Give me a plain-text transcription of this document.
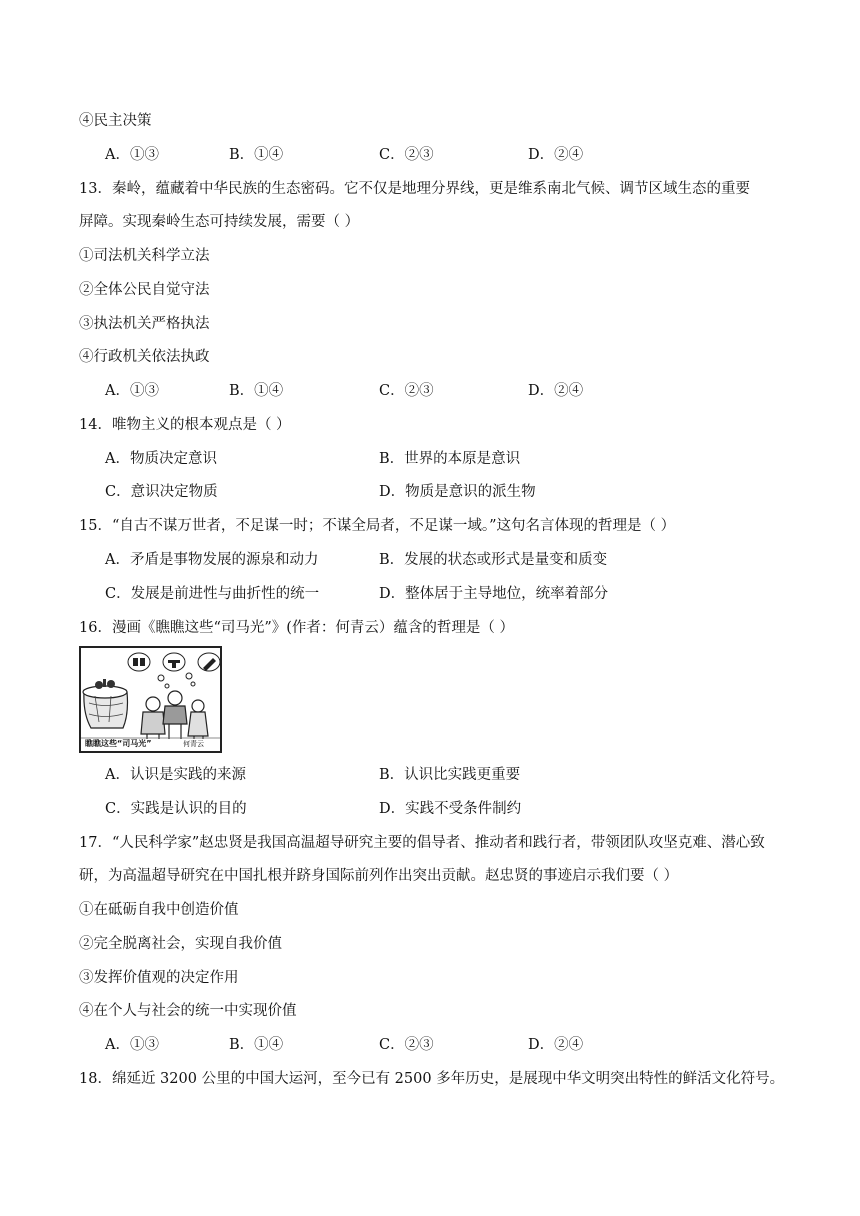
④民主决策
A．①③	B．①④	C．②③	D．②④
13．秦岭，蕴藏着中华民族的生态密码。它不仅是地理分界线，更是维系南北气候、调节区域生态的重要
屏障。实现秦岭生态可持续发展，需要（ ）
①司法机关科学立法
②全体公民自觉守法
③执法机关严格执法
④行政机关依法执政
A．①③	B．①④	C．②③	D．②④
14．唯物主义的根本观点是（ ）
A．物质决定意识	B．世界的本原是意识
C．意识决定物质	D．物质是意识的派生物
15．“自古不谋万世者，不足谋一时；不谋全局者，不足谋一域。”这句名言体现的哲理是（ ）
A．矛盾是事物发展的源泉和动力	B．发展的状态或形式是量变和质变
C．发展是前进性与曲折性的统一	D．整体居于主导地位，统率着部分
16．漫画《瞧瞧这些“司马光”》(作者：何青云）蕴含的哲理是（ ）
瞧瞧这些“司马光”	何青云
A．认识是实践的来源	B．认识比实践更重要
C．实践是认识的目的	D．实践不受条件制约
17．“人民科学家”赵忠贤是我国高温超导研究主要的倡导者、推动者和践行者，带领团队攻坚克难、潜心致
研，为高温超导研究在中国扎根并跻身国际前列作出突出贡献。赵忠贤的事迹启示我们要（ ）
①在砥砺自我中创造价值
②完全脱离社会，实现自我价值
③发挥价值观的决定作用
④在个人与社会的统一中实现价值
A．①③	B．①④	C．②③	D．②④
18．绵延近 3200 公里的中国大运河，至今已有 2500 多年历史，是展现中华文明突出特性的鲜活文化符号。
